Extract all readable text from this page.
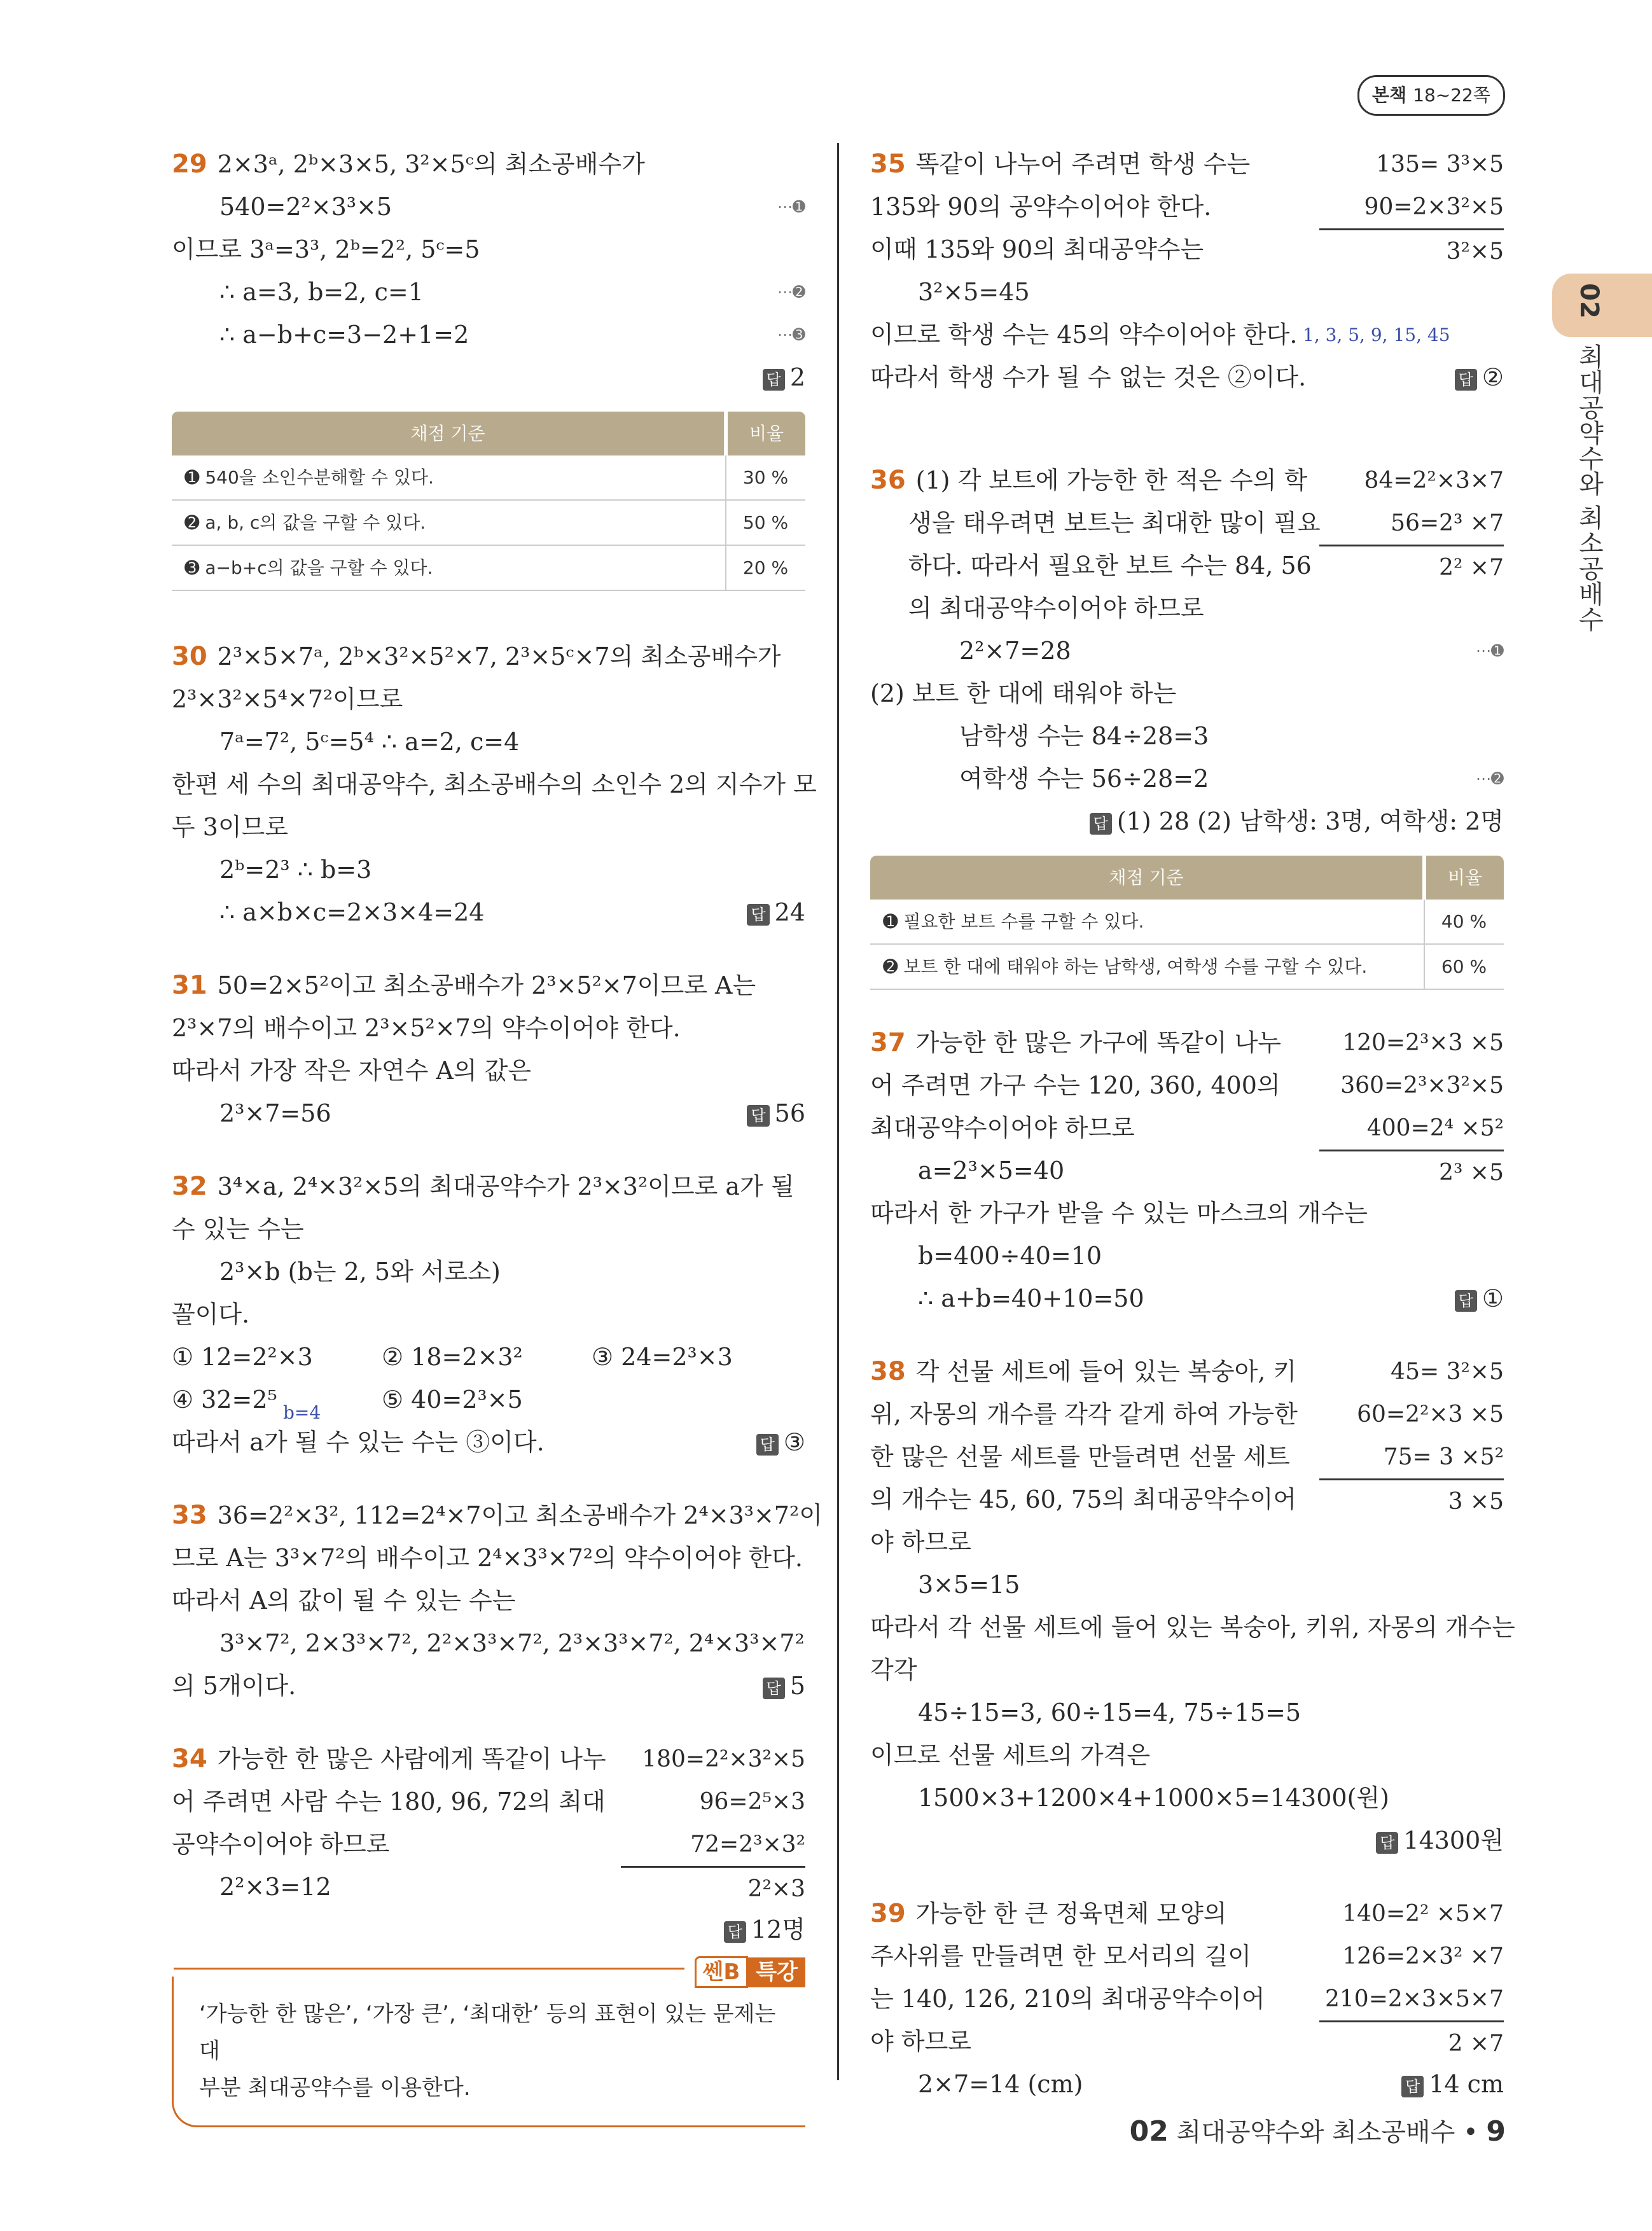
본책 18~22쪽
02
최대공약수와 최소공배수
29 2×3ᵃ, 2ᵇ×3×5, 3²×5ᶜ의 최소공배수가
540=2²×3³×5	⋯➊
이므로 3ᵃ=3³, 2ᵇ=2², 5ᶜ=5
∴ a=3, b=2, c=1	⋯➋
∴ a−b+c=3−2+1=2	⋯➌
답 2
채점 기준	비율
➊ 540을 소인수분해할 수 있다.	30 %
➋ a, b, c의 값을 구할 수 있다.	50 %
➌ a−b+c의 값을 구할 수 있다.	20 %
30 2³×5×7ᵃ, 2ᵇ×3²×5²×7, 2³×5ᶜ×7의 최소공배수가
2³×3²×5⁴×7²이므로
7ᵃ=7², 5ᶜ=5⁴ ∴ a=2, c=4
한편 세 수의 최대공약수, 최소공배수의 소인수 2의 지수가 모
두 3이므로
2ᵇ=2³ ∴ b=3
∴ a×b×c=2×3×4=24	답 24
31 50=2×5²이고 최소공배수가 2³×5²×7이므로 A는
2³×7의 배수이고 2³×5²×7의 약수이어야 한다.
따라서 가장 작은 자연수 A의 값은
2³×7=56	답 56
32 3⁴×a, 2⁴×3²×5의 최대공약수가 2³×3²이므로 a가 될
수 있는 수는
2³×b (b는 2, 5와 서로소)
꼴이다.
① 12=2²×3	② 18=2×3²	③ 24=2³×3
④ 32=2⁵ b=4	⑤ 40=2³×5
따라서 a가 될 수 있는 수는 ③이다.	답 ③
33 36=2²×3², 112=2⁴×7이고 최소공배수가 2⁴×3³×7²이
므로 A는 3³×7²의 배수이고 2⁴×3³×7²의 약수이어야 한다.
따라서 A의 값이 될 수 있는 수는
3³×7², 2×3³×7², 2²×3³×7², 2³×3³×7², 2⁴×3³×7²
의 5개이다.	답 5
34 가능한 한 많은 사람에게 똑같이 나누
어 주려면 사람 수는 180, 96, 72의 최대
공약수이어야 하므로
2²×3=12
답 12명
180=2²×3²×5
96=2⁵×3
72=2³×3²
2²×3
쎈B 특강
‘가능한 한 많은’, ‘가장 큰’, ‘최대한’ 등의 표현이 있는 문제는 대
부분 최대공약수를 이용한다.
35 똑같이 나누어 주려면 학생 수는
135와 90의 공약수이어야 한다.
이때 135와 90의 최대공약수는
3²×5=45
이므로 학생 수는 45의 약수이어야 한다. 1, 3, 5, 9, 15, 45
따라서 학생 수가 될 수 없는 것은 ②이다.	답 ②
135= 3³×5
90=2×3²×5
3²×5
36 (1) 각 보트에 가능한 한 적은 수의 학
생을 태우려면 보트는 최대한 많이 필요
하다. 따라서 필요한 보트 수는 84, 56
의 최대공약수이어야 하므로
2²×7=28	⋯➊
(2) 보트 한 대에 태워야 하는
남학생 수는 84÷28=3
여학생 수는 56÷28=2	⋯➋
답 (1) 28 (2) 남학생: 3명, 여학생: 2명
84=2²×3×7
56=2³ ×7
2² ×7
채점 기준	비율
➊ 필요한 보트 수를 구할 수 있다.	40 %
➋ 보트 한 대에 태워야 하는 남학생, 여학생 수를 구할 수 있다.	60 %
37 가능한 한 많은 가구에 똑같이 나누
어 주려면 가구 수는 120, 360, 400의
최대공약수이어야 하므로
a=2³×5=40
따라서 한 가구가 받을 수 있는 마스크의 개수는
b=400÷40=10
∴ a+b=40+10=50	답 ①
120=2³×3 ×5
360=2³×3²×5
400=2⁴ ×5²
2³ ×5
38 각 선물 세트에 들어 있는 복숭아, 키
위, 자몽의 개수를 각각 같게 하여 가능한
한 많은 선물 세트를 만들려면 선물 세트
의 개수는 45, 60, 75의 최대공약수이어
야 하므로
3×5=15
따라서 각 선물 세트에 들어 있는 복숭아, 키위, 자몽의 개수는
각각
45÷15=3, 60÷15=4, 75÷15=5
이므로 선물 세트의 가격은
1500×3+1200×4+1000×5=14300(원)
답 14300원
45= 3²×5
60=2²×3 ×5
75= 3 ×5²
3 ×5
39 가능한 한 큰 정육면체 모양의
주사위를 만들려면 한 모서리의 길이
는 140, 126, 210의 최대공약수이어
야 하므로
2×7=14 (cm)	답 14 cm
140=2² ×5×7
126=2×3² ×7
210=2×3×5×7
2 ×7
02 최대공약수와 최소공배수 • 9
